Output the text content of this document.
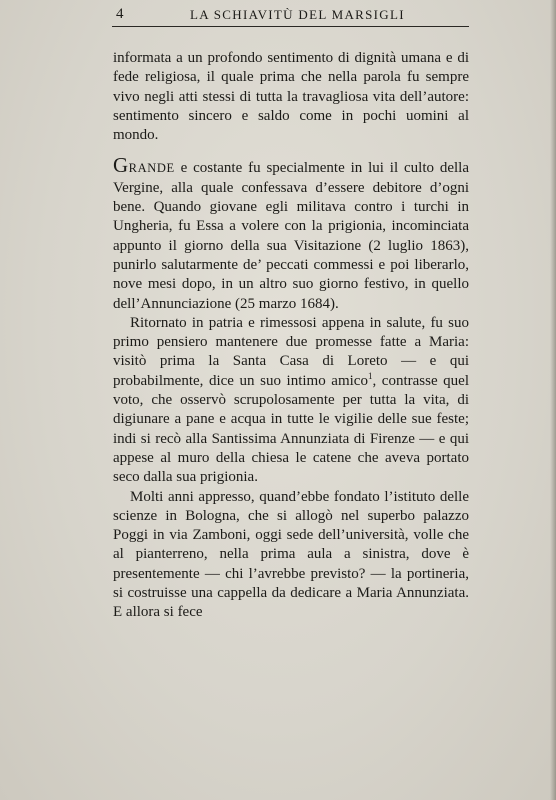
4	LA SCHIAVITÙ DEL MARSIGLI

informata a un profondo sentimento di dignità umana e di fede religiosa, il quale prima che nella parola fu sempre vivo negli atti stessi di tutta la travagliosa vita dell’autore: sentimento sincero e saldo come in pochi uomini al mondo.

GRANDE e costante fu specialmente in lui il culto della Vergine, alla quale confessava d’essere debitore d’ogni bene. Quando giovane egli militava contro i turchi in Ungheria, fu Essa a volere con la prigionia, incominciata appunto il giorno della sua Visitazione (2 luglio 1863), punirlo salutarmente de’ peccati commessi e poi liberarlo, nove mesi dopo, in un altro suo giorno festivo, in quello dell’Annunciazione (25 marzo 1684).

Ritornato in patria e rimessosi appena in salute, fu suo primo pensiero mantenere due promesse fatte a Maria: visitò prima la Santa Casa di Loreto — e qui probabilmente, dice un suo intimo amico$^1$, contrasse quel voto, che osservò scrupolosamente per tutta la vita, di digiunare a pane e acqua in tutte le vigilie delle sue feste; indi si recò alla Santissima Annunziata di Firenze — e qui appese al muro della chiesa le catene che aveva portato seco dalla sua prigionia.

Molti anni appresso, quand’ebbe fondato l’istituto delle scienze in Bologna, che si allogò nel superbo palazzo Poggi in via Zamboni, oggi sede dell’università, volle che al pianterreno, nella prima aula a sinistra, dove è presentemente — chi l’avrebbe previsto? — la portineria, si costruisse una cappella da dedicare a Maria Annunziata. E allora si fece
